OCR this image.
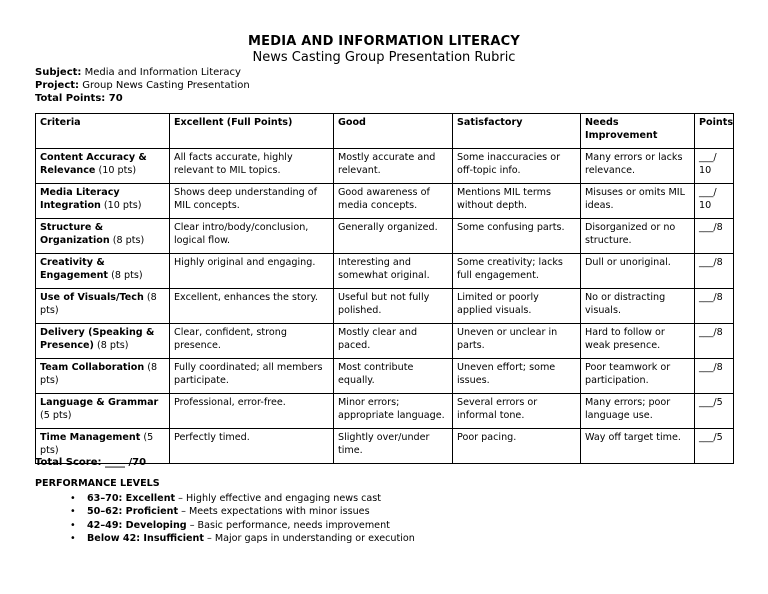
MEDIA AND INFORMATION LITERACY
News Casting Group Presentation Rubric
Subject: Media and Information Literacy
Project: Group News Casting Presentation
Total Points: 70
Criteria	Excellent (Full Points)	Good	Satisfactory	Needs Improvement	Points
Content Accuracy & Relevance (10 pts)	All facts accurate, highly relevant to MIL topics.	Mostly accurate and relevant.	Some inaccuracies or off-topic info.	Many errors or lacks relevance.	___/ 10
Media Literacy Integration (10 pts)	Shows deep understanding of MIL concepts.	Good awareness of media concepts.	Mentions MIL terms without depth.	Misuses or omits MIL ideas.	___/ 10
Structure & Organization (8 pts)	Clear intro/body/conclusion, logical flow.	Generally organized.	Some confusing parts.	Disorganized or no structure.	___/8
Creativity & Engagement (8 pts)	Highly original and engaging.	Interesting and somewhat original.	Some creativity; lacks full engagement.	Dull or unoriginal.	___/8
Use of Visuals/Tech (8 pts)	Excellent, enhances the story.	Useful but not fully polished.	Limited or poorly applied visuals.	No or distracting visuals.	___/8
Delivery (Speaking & Presence) (8 pts)	Clear, confident, strong presence.	Mostly clear and paced.	Uneven or unclear in parts.	Hard to follow or weak presence.	___/8
Team Collaboration (8 pts)	Fully coordinated; all members participate.	Most contribute equally.	Uneven effort; some issues.	Poor teamwork or participation.	___/8
Language & Grammar (5 pts)	Professional, error-free.	Minor errors; appropriate language.	Several errors or informal tone.	Many errors; poor language use.	___/5
Time Management (5 pts)	Perfectly timed.	Slightly over/under time.	Poor pacing.	Way off target time.	___/5
Total Score: ____ /70
PERFORMANCE LEVELS
• 63–70: Excellent – Highly effective and engaging news cast
• 50–62: Proficient – Meets expectations with minor issues
• 42–49: Developing – Basic performance, needs improvement
• Below 42: Insufficient – Major gaps in understanding or execution
